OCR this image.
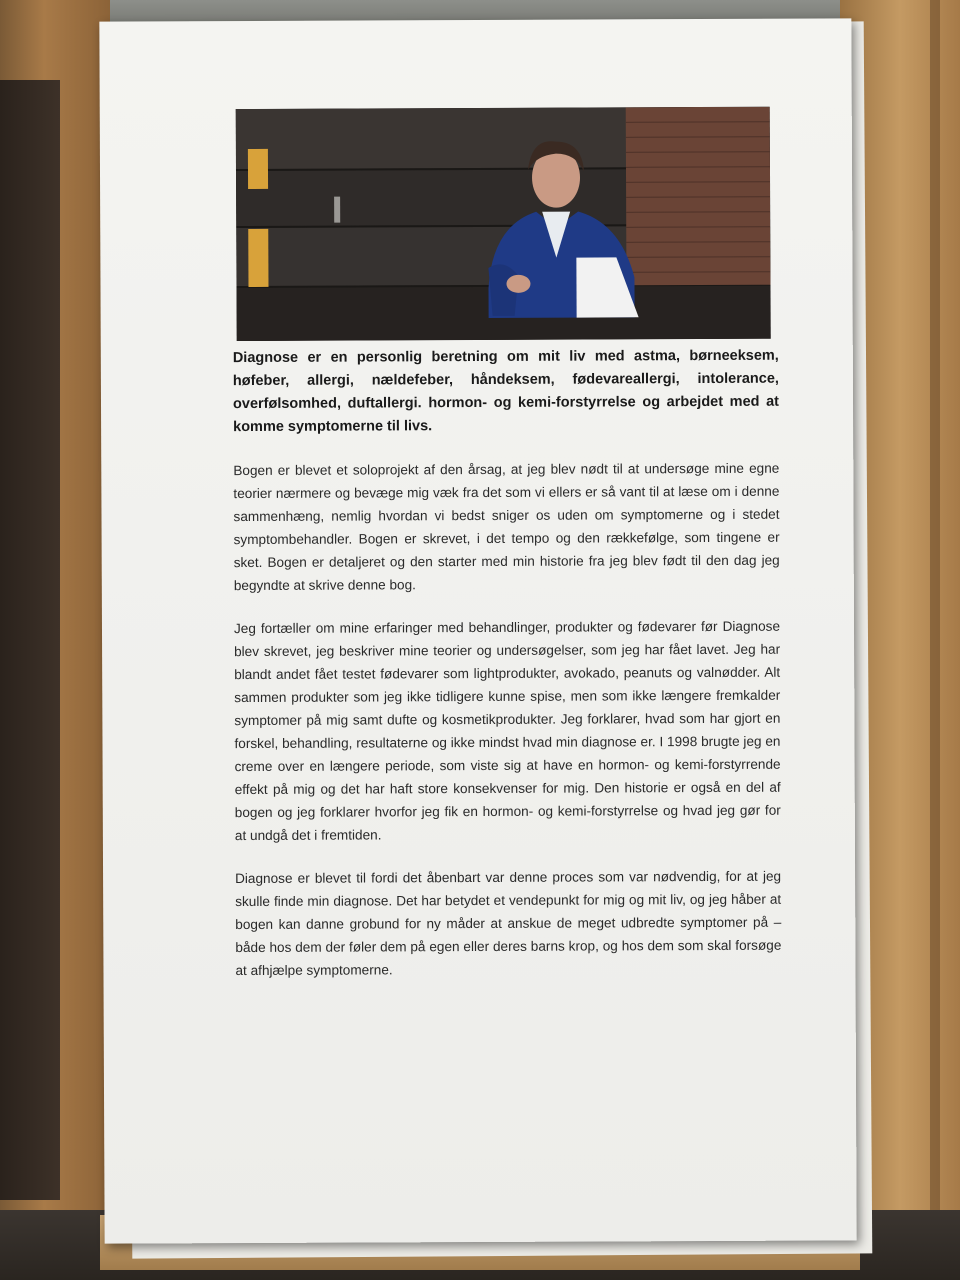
Diagnose er en personlig beretning om mit liv med astma, børneeksem, høfeber, allergi, nældefeber, håndeksem, fødevareallergi, intolerance, overfølsomhed, duftallergi. hormon- og kemi-forstyrrelse og arbejdet med at komme symptomerne til livs.

Bogen er blevet et soloprojekt af den årsag, at jeg blev nødt til at undersøge mine egne teorier nærmere og bevæge mig væk fra det som vi ellers er så vant til at læse om i denne sammenhæng, nemlig hvordan vi bedst sniger os uden om symptomerne og i stedet symptombehandler. Bogen er skrevet, i det tempo og den rækkefølge, som tingene er sket. Bogen er detaljeret og den starter med min historie fra jeg blev født til den dag jeg begyndte at skrive denne bog.

Jeg fortæller om mine erfaringer med behandlinger, produkter og fødevarer før Diagnose blev skrevet, jeg beskriver mine teorier og undersøgelser, som jeg har fået lavet. Jeg har blandt andet fået testet fødevarer som lightprodukter, avokado, peanuts og valnødder. Alt sammen produkter som jeg ikke tidligere kunne spise, men som ikke længere fremkalder symptomer på mig samt dufte og kosmetikprodukter. Jeg forklarer, hvad som har gjort en forskel, behandling, resultaterne og ikke mindst hvad min diagnose er. I 1998 brugte jeg en creme over en længere periode, som viste sig at have en hormon- og kemi-forstyrrende effekt på mig og det har haft store konsekvenser for mig. Den historie er også en del af bogen og jeg forklarer hvorfor jeg fik en hormon- og kemi-forstyrrelse og hvad jeg gør for at undgå det i fremtiden.

Diagnose er blevet til fordi det åbenbart var denne proces som var nødvendig, for at jeg skulle finde min diagnose. Det har betydet et vendepunkt for mig og mit liv, og jeg håber at bogen kan danne grobund for ny måder at anskue de meget udbredte symptomer på – både hos dem der føler dem på egen eller deres barns krop, og hos dem som skal forsøge at afhjælpe symptomerne.
